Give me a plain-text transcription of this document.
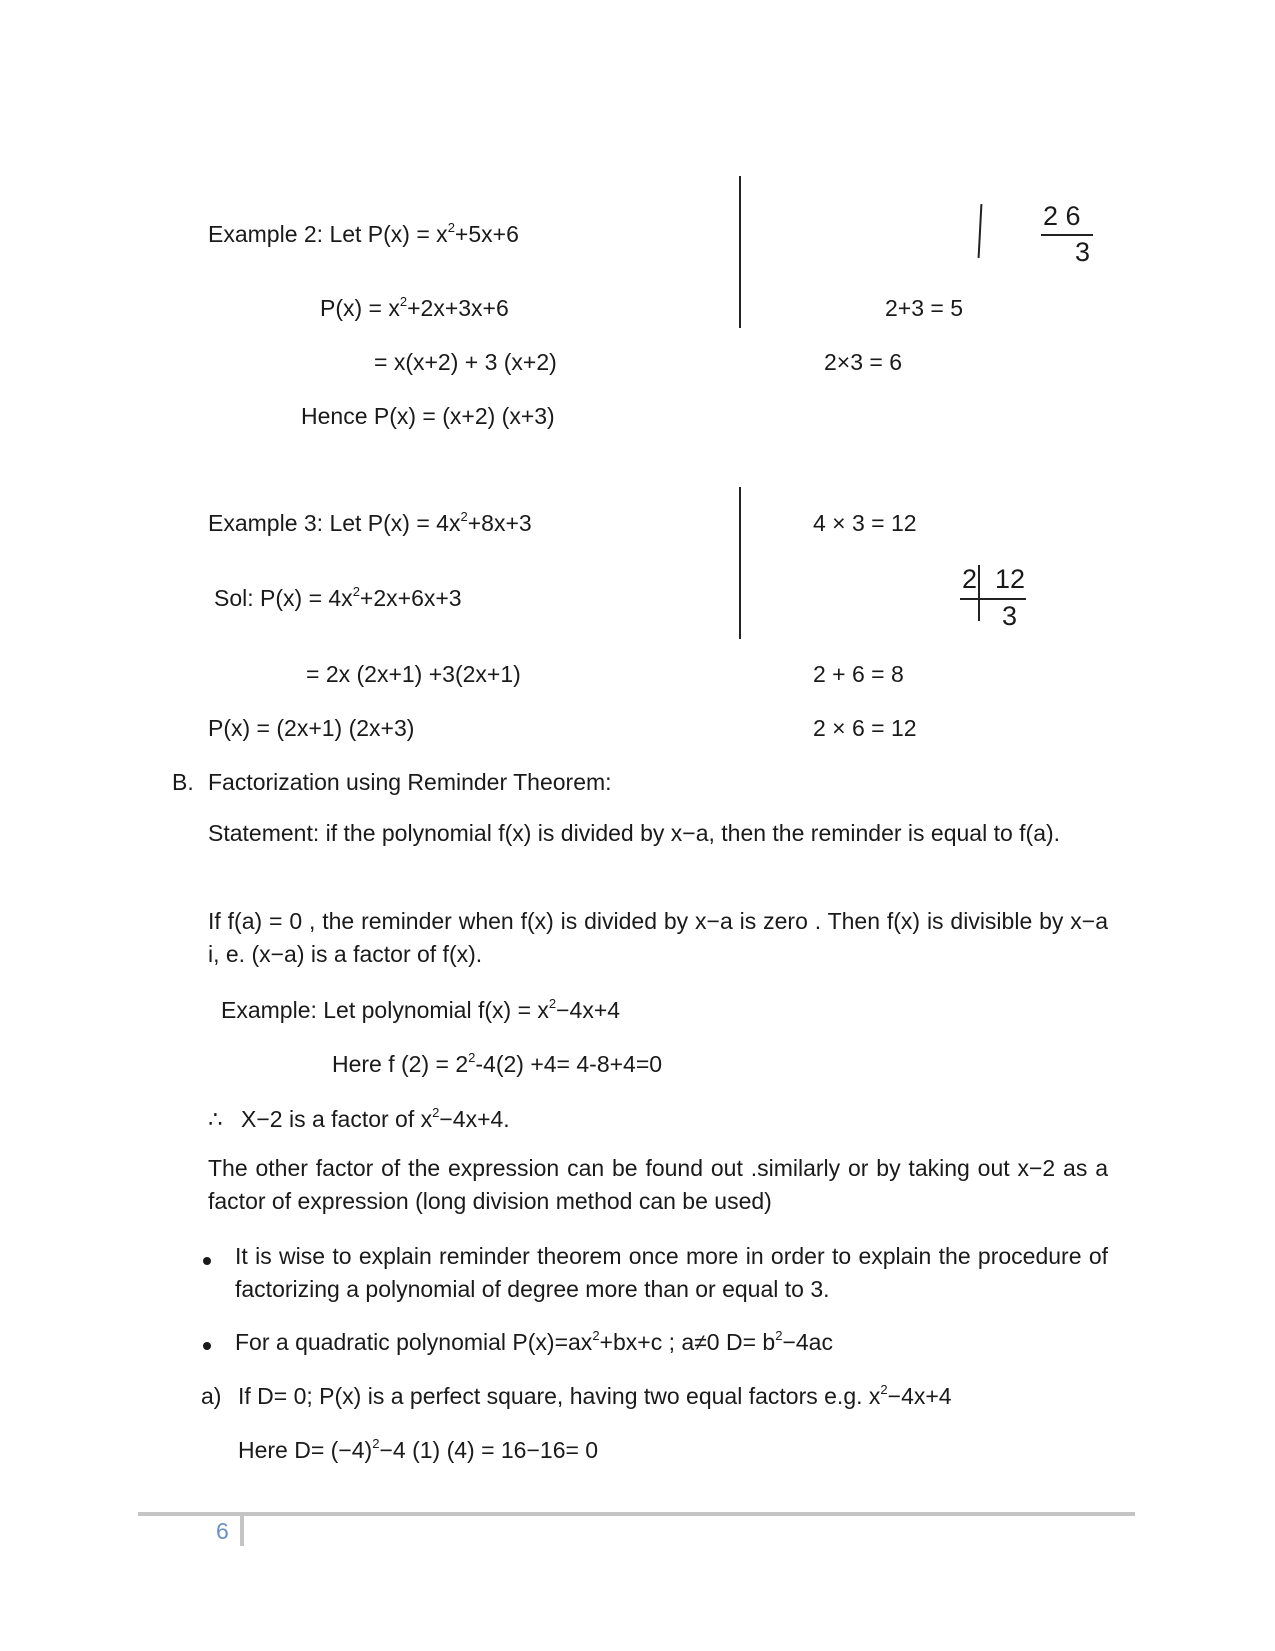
Example 2: Let $P(x) = x^2+5x+6$
$P(x) = x^2+2x+3x+6$
= x(x+2) + 3 (x+2)
Hence P(x) = (x+2) (x+3)
2 6
3
2+3 = 5
2×3 = 6
Example 3: Let $P(x) = 4x^2+8x+3$
Sol: $P(x) = 4x^2+2x+6x+3$
= 2x (2x+1) +3(2x+1)
P(x) = (2x+1) (2x+3)
4 × 3 = 12
2 12
3
2 + 6 = 8
2 × 6 = 12
B. Factorization using Reminder Theorem:
Statement: if the polynomial f(x) is divided by x−a, then the reminder is equal to f(a).
If f(a) = 0 , the reminder when f(x) is divided by x−a is zero . Then f(x) is divisible by x−a i, e. (x−a) is a factor of f(x).
Example: Let polynomial $f(x) = x^2-4x+4$
Here f $(2) = 2^2-4(2) +4= 4-8+4=0$
∴ X−2 is a factor of $x^2-4x+4$.
The other factor of the expression can be found out .similarly or by taking out x−2 as a factor of expression (long division method can be used)
It is wise to explain reminder theorem once more in order to explain the procedure of factorizing a polynomial of degree more than or equal to 3.
For a quadratic polynomial $P(x)=ax^2+bx+c$ ; a≠0 $D= b^2-4ac$
a) If D= 0; P(x) is a perfect square, having two equal factors e.g. $x^2-4x+4$
Here $D= (-4)^2-4$ (1) (4) = 16−16= 0
6
